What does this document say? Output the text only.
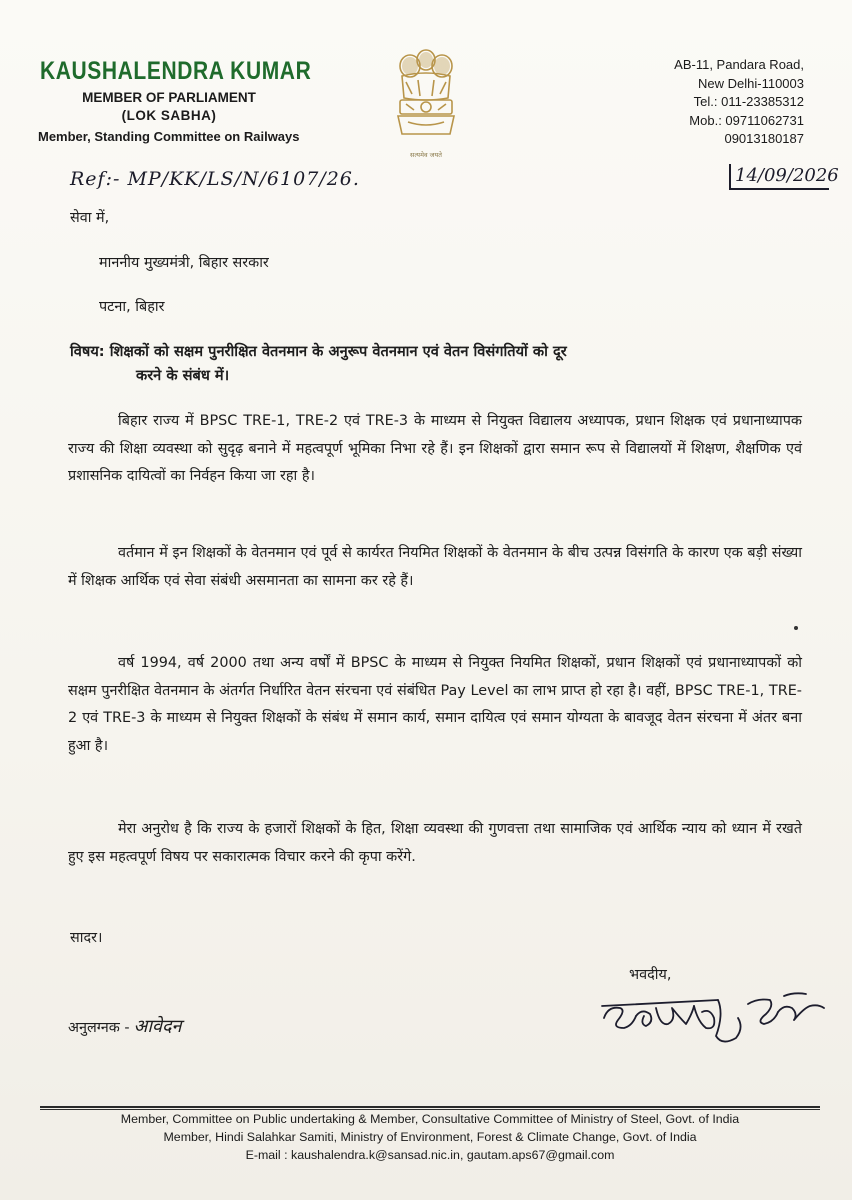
KAUSHALENDRA KUMAR
MEMBER OF PARLIAMENT
(LOK SABHA)
Member, Standing Committee on Railways
सत्यमेव जयते
AB-11, Pandara Road,
New Delhi-110003
Tel.: 011-23385312
Mob.: 09711062731
09013180187
Ref:- MP/KK/LS/N/6107/26.	14/09/2026
सेवा में,
माननीय मुख्यमंत्री, बिहार सरकार
पटना, बिहार
विषय: शिक्षकों को सक्षम पुनरीक्षित वेतनमान के अनुरूप वेतनमान एवं वेतन विसंगतियों को दूर
करने के संबंध में।

बिहार राज्य में BPSC TRE-1, TRE-2 एवं TRE-3 के माध्यम से नियुक्त विद्यालय अध्यापक, प्रधान शिक्षक एवं प्रधानाध्यापक राज्य की शिक्षा व्यवस्था को सुदृढ़ बनाने में महत्वपूर्ण भूमिका निभा रहे हैं। इन शिक्षकों द्वारा समान रूप से विद्यालयों में शिक्षण, शैक्षणिक एवं प्रशासनिक दायित्वों का निर्वहन किया जा रहा है।

वर्तमान में इन शिक्षकों के वेतनमान एवं पूर्व से कार्यरत नियमित शिक्षकों के वेतनमान के बीच उत्पन्न विसंगति के कारण एक बड़ी संख्या में शिक्षक आर्थिक एवं सेवा संबंधी असमानता का सामना कर रहे हैं।

वर्ष 1994, वर्ष 2000 तथा अन्य वर्षों में BPSC के माध्यम से नियुक्त नियमित शिक्षकों, प्रधान शिक्षकों एवं प्रधानाध्यापकों को सक्षम पुनरीक्षित वेतनमान के अंतर्गत निर्धारित वेतन संरचना एवं संबंधित Pay Level का लाभ प्राप्त हो रहा है। वहीं, BPSC TRE-1, TRE-2 एवं TRE-3 के माध्यम से नियुक्त शिक्षकों के संबंध में समान कार्य, समान दायित्व एवं समान योग्यता के बावजूद वेतन संरचना में अंतर बना हुआ है।

मेरा अनुरोध है कि राज्य के हजारों शिक्षकों के हित, शिक्षा व्यवस्था की गुणवत्ता तथा सामाजिक एवं आर्थिक न्याय को ध्यान में रखते हुए इस महत्वपूर्ण विषय पर सकारात्मक विचार करने की कृपा करेंगे.

सादर।
भवदीय,
अनुलग्नक - आवेदन
Member, Committee on Public undertaking & Member, Consultative Committee of Ministry of Steel, Govt. of India
Member, Hindi Salahkar Samiti, Ministry of Environment, Forest & Climate Change, Govt. of India
E-mail : kaushalendra.k@sansad.nic.in, gautam.aps67@gmail.com
